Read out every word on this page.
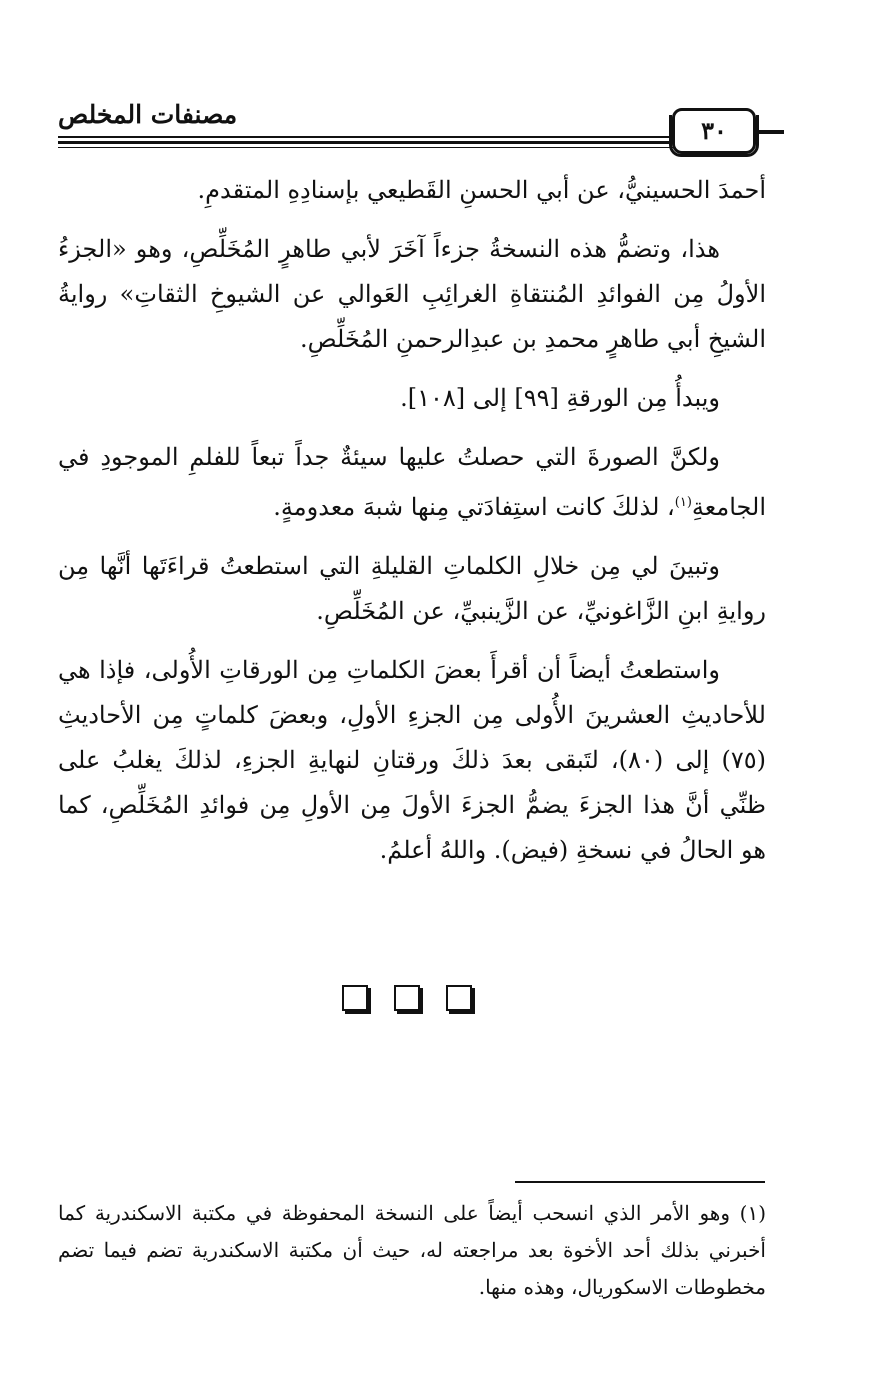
مصنفات المخلص
٣٠

أحمدَ الحسينيُّ، عن أبي الحسنِ القَطيعي بإسنادِهِ المتقدمِ.

هذا، وتضمُّ هذه النسخةُ جزءاً آخَرَ لأبي طاهرٍ المُخَلِّصِ، وهو «الجزءُ الأولُ مِن الفوائدِ المُنتقاةِ الغرائِبِ العَوالي عن الشيوخِ الثقاتِ» روايةُ الشيخِ أبي طاهرٍ محمدِ بن عبدِالرحمنِ المُخَلِّصِ.

ويبدأُ مِن الورقةِ [٩٩] إلى [١٠٨].

ولكنَّ الصورةَ التي حصلتُ عليها سيئةٌ جداً تبعاً للفلمِ الموجودِ في الجامعةِ$^{(١)}$، لذلكَ كانت استِفادَتي مِنها شبهَ معدومةٍ.

وتبينَ لي مِن خلالِ الكلماتِ القليلةِ التي استطعتُ قراءَتَها أنَّها مِن روايةِ ابنِ الزَّاغونيِّ، عن الزَّينبيِّ، عن المُخَلِّصِ.

واستطعتُ أيضاً أن أقرأَ بعضَ الكلماتِ مِن الورقاتِ الأُولى، فإذا هي للأحاديثِ العشرينَ الأُولى مِن الجزءِ الأولِ، وبعضَ كلماتٍ مِن الأحاديثِ (٧٥) إلى (٨٠)، لتَبقى بعدَ ذلكَ ورقتانِ لنهايةِ الجزءِ، لذلكَ يغلبُ على ظنِّي أنَّ هذا الجزءَ يضمُّ الجزءَ الأولَ مِن الأولِ مِن فوائدِ المُخَلِّصِ، كما هو الحالُ في نسخةِ (فيض). واللهُ أعلمُ.

(١) وهو الأمر الذي انسحب أيضاً على النسخة المحفوظة في مكتبة الاسكندرية كما أخبرني بذلك أحد الأخوة بعد مراجعته له، حيث أن مكتبة الاسكندرية تضم فيما تضم مخطوطات الاسكوريال، وهذه منها.
